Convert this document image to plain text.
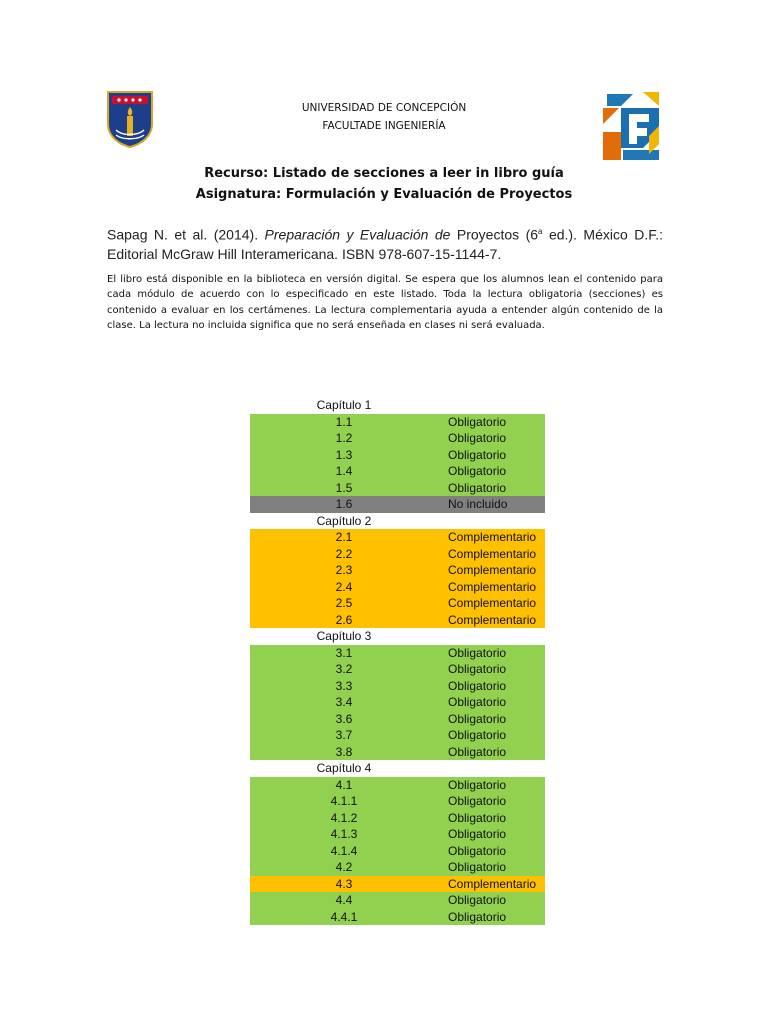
UNIVERSIDAD DE CONCEPCIÓN
FACULTADE INGENIERÍA
Recurso: Listado de secciones a leer in libro guía
Asignatura: Formulación y Evaluación de Proyectos
Sapag N. et al. (2014). Preparación y Evaluación de Proyectos (6$^a$ ed.). México D.F.: Editorial McGraw Hill Interamericana. ISBN 978-607-15-1144-7.
El libro está disponible en la biblioteca en versión digital. Se espera que los alumnos lean el contenido para cada módulo de acuerdo con lo especificado en este listado. Toda la lectura obligatoria (secciones) es contenido a evaluar en los certámenes. La lectura complementaria ayuda a entender algún contenido de la clase. La lectura no incluida significa que no será enseñada en clases ni será evaluada.
Capítulo 1
1.1	Obligatorio
1.2	Obligatorio
1.3	Obligatorio
1.4	Obligatorio
1.5	Obligatorio
1.6	No incluido
Capítulo 2
2.1	Complementario
2.2	Complementario
2.3	Complementario
2.4	Complementario
2.5	Complementario
2.6	Complementario
Capítulo 3
3.1	Obligatorio
3.2	Obligatorio
3.3	Obligatorio
3.4	Obligatorio
3.6	Obligatorio
3.7	Obligatorio
3.8	Obligatorio
Capítulo 4
4.1	Obligatorio
4.1.1	Obligatorio
4.1.2	Obligatorio
4.1.3	Obligatorio
4.1.4	Obligatorio
4.2	Obligatorio
4.3	Complementario
4.4	Obligatorio
4.4.1	Obligatorio
